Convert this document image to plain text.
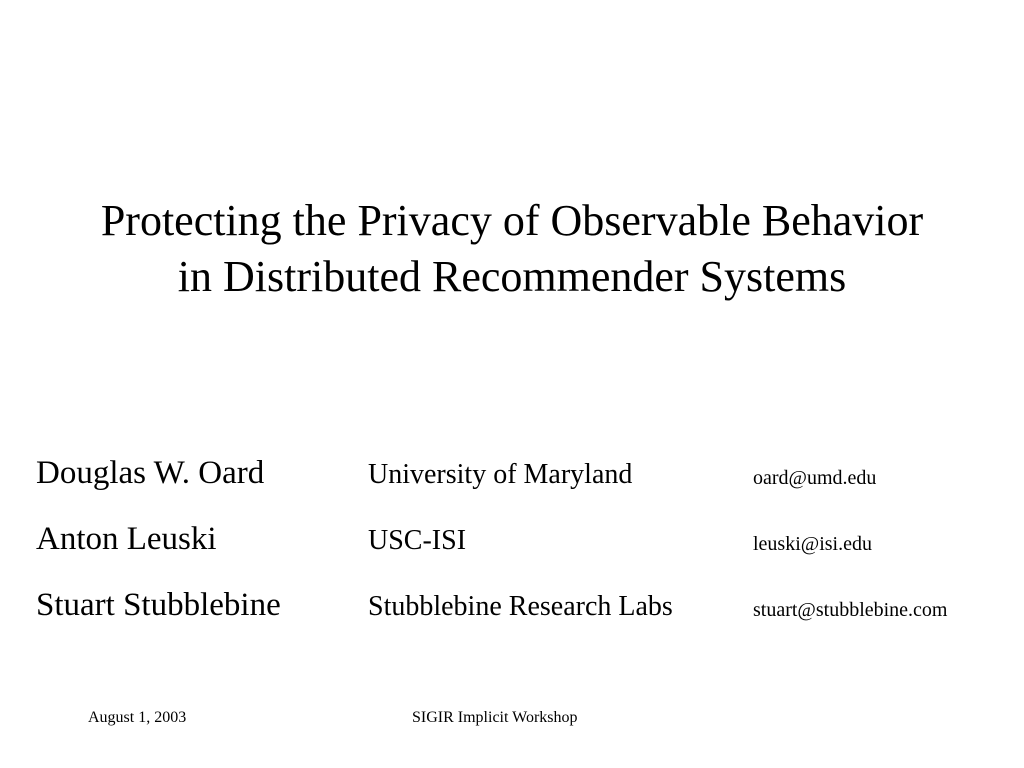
Protecting the Privacy of Observable Behavior
in Distributed Recommender Systems
Douglas W. Oard	University of Maryland	oard@umd.edu
Anton Leuski	USC-ISI	leuski@isi.edu
Stuart Stubblebine	Stubblebine Research Labs	stuart@stubblebine.com
August 1, 2003	SIGIR Implicit Workshop
